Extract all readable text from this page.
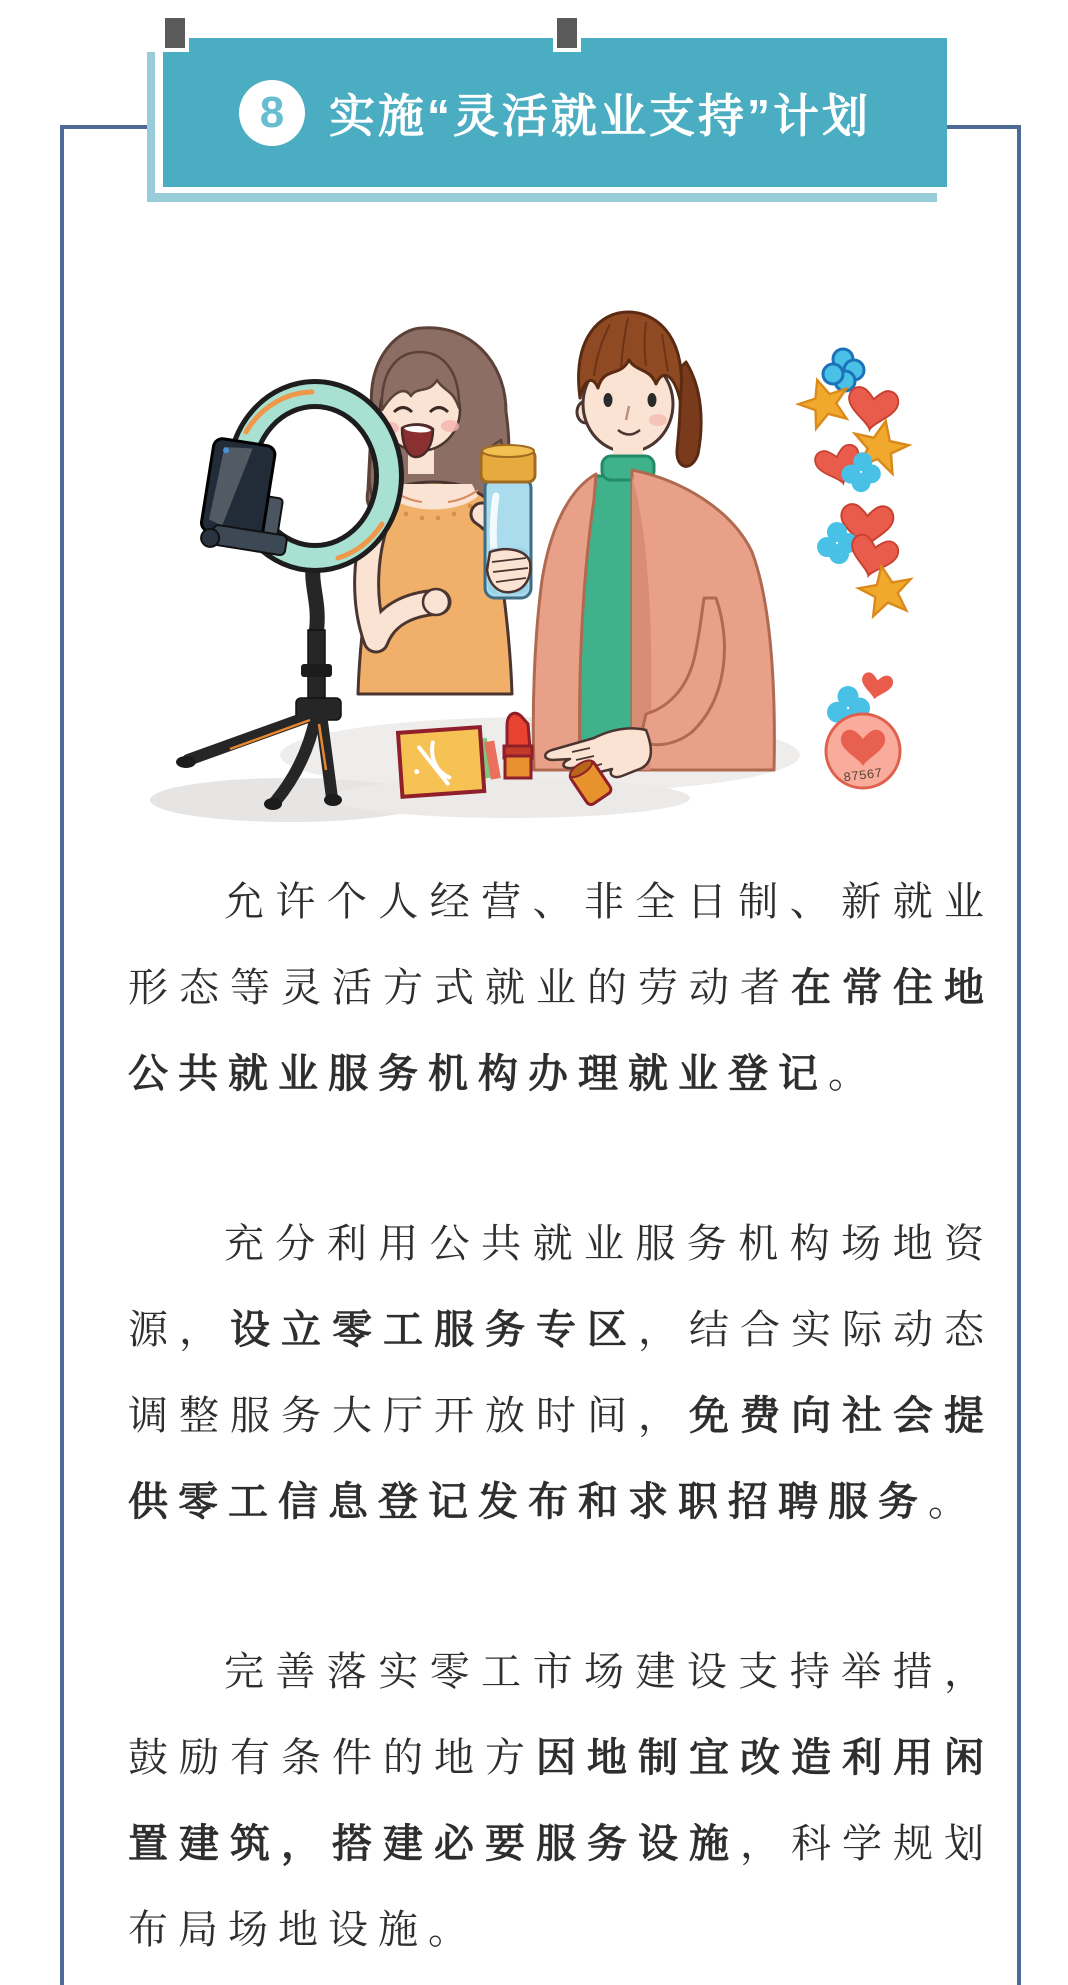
8 实施“灵活就业支持”计划
87567

允许个人经营、非全日制、新就业形态等灵活方式就业的劳动者在常住地公共就业服务机构办理就业登记。

充分利用公共就业服务机构场地资源，设立零工服务专区，结合实际动态调整服务大厅开放时间，免费向社会提供零工信息登记发布和求职招聘服务。

完善落实零工市场建设支持举措，鼓励有条件的地方因地制宜改造利用闲置建筑，搭建必要服务设施，科学规划布局场地设施。
